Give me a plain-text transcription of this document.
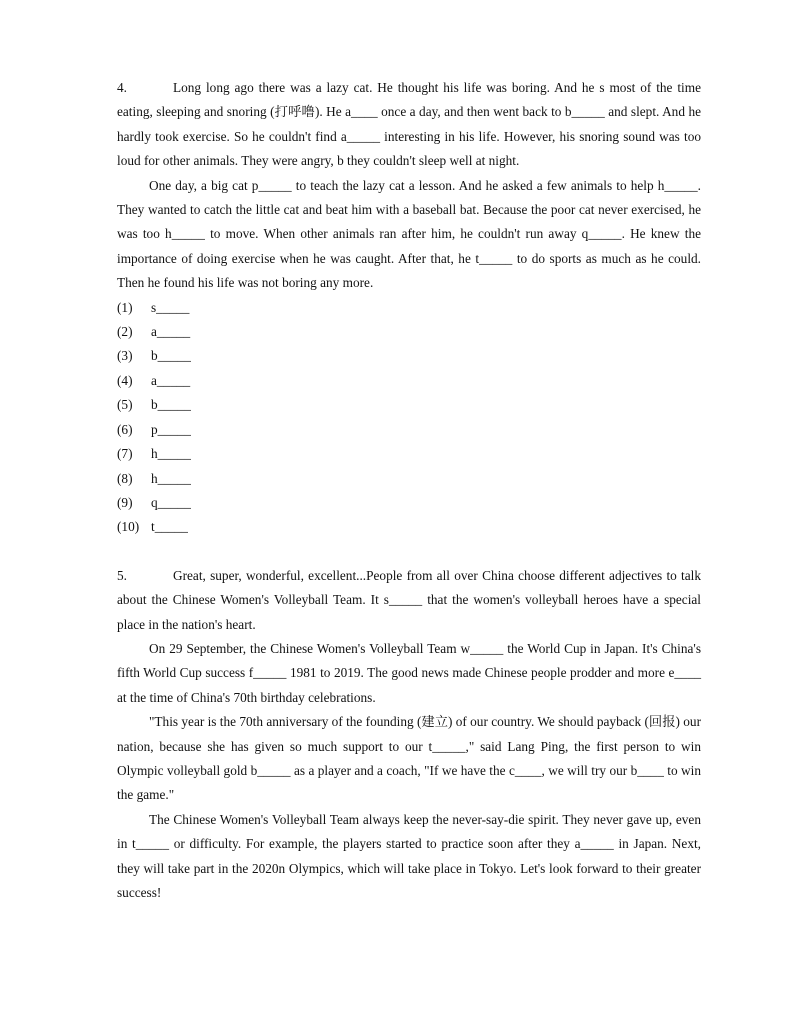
4.	Long long ago there was a lazy cat. He thought his life was boring. And he s most of the time eating, sleeping and snoring (打呼噜). He a____ once a day, and then went back to b_____ and slept. And he hardly took exercise. So he couldn't find a_____ interesting in his life. However, his snoring sound was too loud for other animals. They were angry, b they couldn't sleep well at night.

One day, a big cat p_____ to teach the lazy cat a lesson. And he asked a few animals to help h_____. They wanted to catch the little cat and beat him with a baseball bat. Because the poor cat never exercised, he was too h_____ to move. When other animals ran after him, he couldn't run away q_____. He knew the importance of doing exercise when he was caught. After that, he t_____ to do sports as much as he could. Then he found his life was not boring any more.

(1)	s_____
(2)	a_____
(3)	b_____
(4)	a_____
(5)	b_____
(6)	p_____
(7)	h_____
(8)	h_____
(9)	q_____
(10) t_____

5.	Great, super, wonderful, excellent...People from all over China choose different adjectives to talk about the Chinese Women's Volleyball Team. It s_____ that the women's volleyball heroes have a special place in the nation's heart.

On 29 September, the Chinese Women's Volleyball Team w_____ the World Cup in Japan. It's China's fifth World Cup success f_____ 1981 to 2019. The good news made Chinese people prodder and more e____ at the time of China's 70th birthday celebrations.

"This year is the 70th anniversary of the founding (建立) of our country. We should payback (回报) our nation, because she has given so much support to our t_____," said Lang Ping, the first person to win Olympic volleyball gold b_____ as a player and a coach, "If we have the c____, we will try our b____ to win the game."

The Chinese Women's Volleyball Team always keep the never-say-die spirit. They never gave up, even in t_____ or difficulty. For example, the players started to practice soon after they a_____ in Japan. Next, they will take part in the 2020n Olympics, which will take place in Tokyo. Let's look forward to their greater success!
